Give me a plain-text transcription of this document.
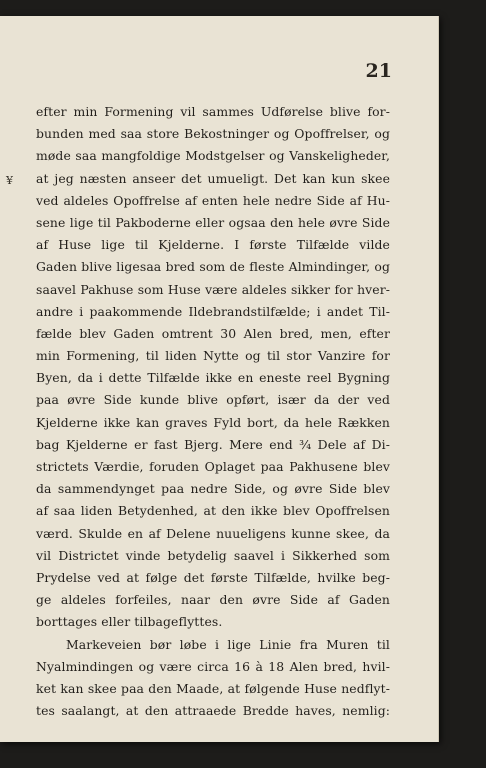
21
¥
efter min Formening vil sammes Udførelse blive for-
bunden med saa store Bekostninger og Opoffrelser, og
møde saa mangfoldige Modstgelser og Vanskeligheder,
at jeg næsten anseer det umueligt. Det kan kun skee
ved aldeles Opoffrelse af enten hele nedre Side af Hu-
sene lige til Pakboderne eller ogsaa den hele øvre Side
af Huse lige til Kjelderne. I første Tilfælde vilde
Gaden blive ligesaa bred som de fleste Almindinger, og
saavel Pakhuse som Huse være aldeles sikker for hver-
andre i paakommende Ildebrandstilfælde; i andet Til-
fælde blev Gaden omtrent 30 Alen bred, men, efter
min Formening, til liden Nytte og til stor Vanzire for
Byen, da i dette Tilfælde ikke en eneste reel Bygning
paa øvre Side kunde blive opført, især da der ved
Kjelderne ikke kan graves Fyld bort, da hele Rækken
bag Kjelderne er fast Bjerg. Mere end ¾ Dele af Di-
strictets Værdie, foruden Oplaget paa Pakhusene blev
da sammendynget paa nedre Side, og øvre Side blev
af saa liden Betydenhed, at den ikke blev Opoffrelsen
værd. Skulde en af Delene nuueligens kunne skee, da
vil Districtet vinde betydelig saavel i Sikkerhed som
Prydelse ved at følge det første Tilfælde, hvilke beg-
ge aldeles forfeiles, naar den øvre Side af Gaden
borttages eller tilbageflyttes.
Markeveien bør løbe i lige Linie fra Muren til
Nyalmindingen og være circa 16 à 18 Alen bred, hvil-
ket kan skee paa den Maade, at følgende Huse nedflyt-
tes saalangt, at den attraaede Bredde haves, nemlig:
